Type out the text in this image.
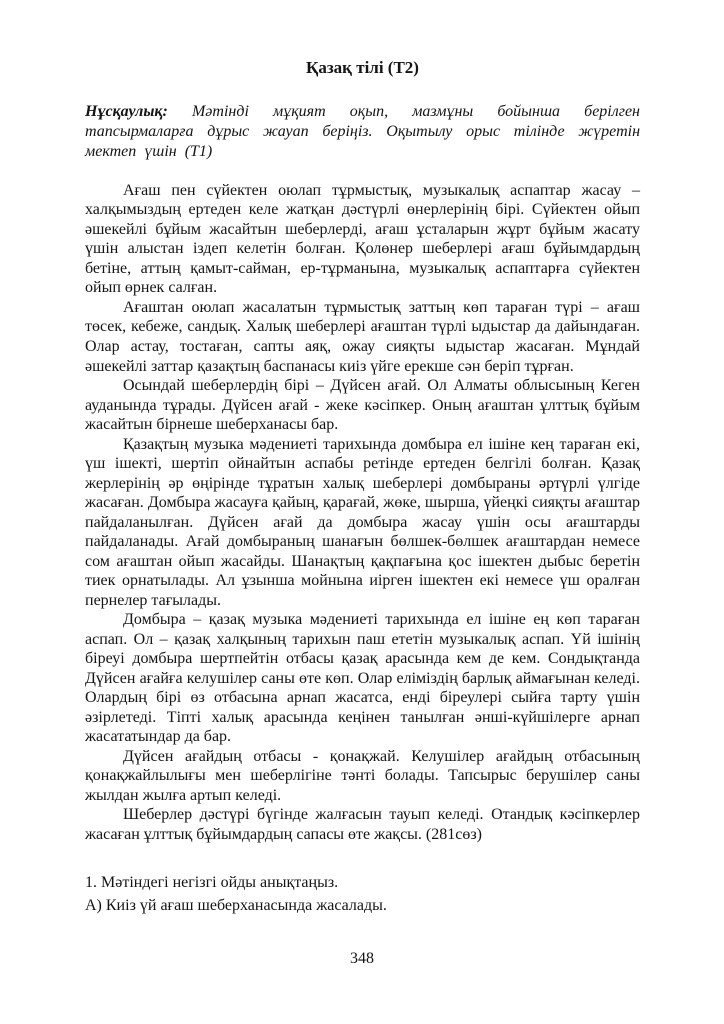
Қазақ тілі (Т2)

Нұсқаулық: Мәтінді мұқият оқып, мазмұны бойынша берілген тапсырмаларға дұрыс жауап беріңіз. Оқытылу орыс тілінде жүретін мектеп үшін (Т1)

Ағаш пен сүйектен оюлап тұрмыстық, музыкалық аспаптар жасау – халқымыздың ертеден келе жатқан дәстүрлі өнерлерінің бірі. Сүйектен ойып әшекейлі бұйым жасайтын шеберлерді, ағаш ұсталарын жұрт бұйым жасату үшін алыстан іздеп келетін болған. Қолөнер шеберлері ағаш бұйымдардың бетіне, аттың қамыт-сайман, ер-тұрманына, музыкалық аспаптарға сүйектен ойып өрнек салған.

Ағаштан оюлап жасалатын тұрмыстық заттың көп тараған түрі – ағаш төсек, кебеже, сандық. Халық шеберлері ағаштан түрлі ыдыстар да дайындаған. Олар астау, тостаған, сапты аяқ, ожау сияқты ыдыстар жасаған. Мұндай әшекейлі заттар қазақтың баспанасы киіз үйге ерекше сән беріп тұрған.

Осындай шеберлердің бірі – Дүйсен ағай. Ол Алматы облысының Кеген ауданында тұрады. Дүйсен ағай - жеке кәсіпкер. Оның ағаштан ұлттық бұйым жасайтын бірнеше шеберханасы бар.

Қазақтың музыка мәдениеті тарихында домбыра ел ішіне кең тараған екі, үш ішекті, шертіп ойнайтын аспабы ретінде ертеден белгілі болған. Қазақ жерлерінің әр өңірінде тұратын халық шеберлері домбыраны әртүрлі үлгіде жасаған. Домбыра жасауға қайың, қарағай, жөке, шырша, үйеңкі сияқты ағаштар пайдаланылған. Дүйсен ағай да домбыра жасау үшін осы ағаштарды пайдаланады. Ағай домбыраның шанағын бөлшек-бөлшек ағаштардан немесе сом ағаштан ойып жасайды. Шанақтың қақпағына қос ішектен дыбыс беретін тиек орнатылады. Ал ұзынша мойнына иірген ішектен екі немесе үш оралған пернелер тағылады.

Домбыра – қазақ музыка мәдениеті тарихында ел ішіне ең көп тараған аспап. Ол – қазақ халқының тарихын паш ететін музыкалық аспап. Үй ішінің біреуі домбыра шертпейтін отбасы қазақ арасында кем де кем. Сондықтанда Дүйсен ағайға келушілер саны өте көп. Олар еліміздің барлық аймағынан келеді. Олардың бірі өз отбасына арнап жасатса, енді біреулері сыйға тарту үшін әзірлетеді. Тіпті халық арасында кеңінен танылған әнші-күйшілерге арнап жасататындар да бар.

Дүйсен ағайдың отбасы - қонақжай. Келушілер ағайдың отбасының қонақжайлылығы мен шеберлігіне тәнті болады. Тапсырыс берушілер саны жылдан жылға артып келеді.

Шеберлер дәстүрі бүгінде жалғасын тауып келеді. Отандық кәсіпкерлер жасаған ұлттық бұйымдардың сапасы өте жақсы. (281сөз)

1. Мәтіндегі негізгі ойды анықтаңыз.

А) Киіз үй ағаш шеберханасында жасалады.

348
